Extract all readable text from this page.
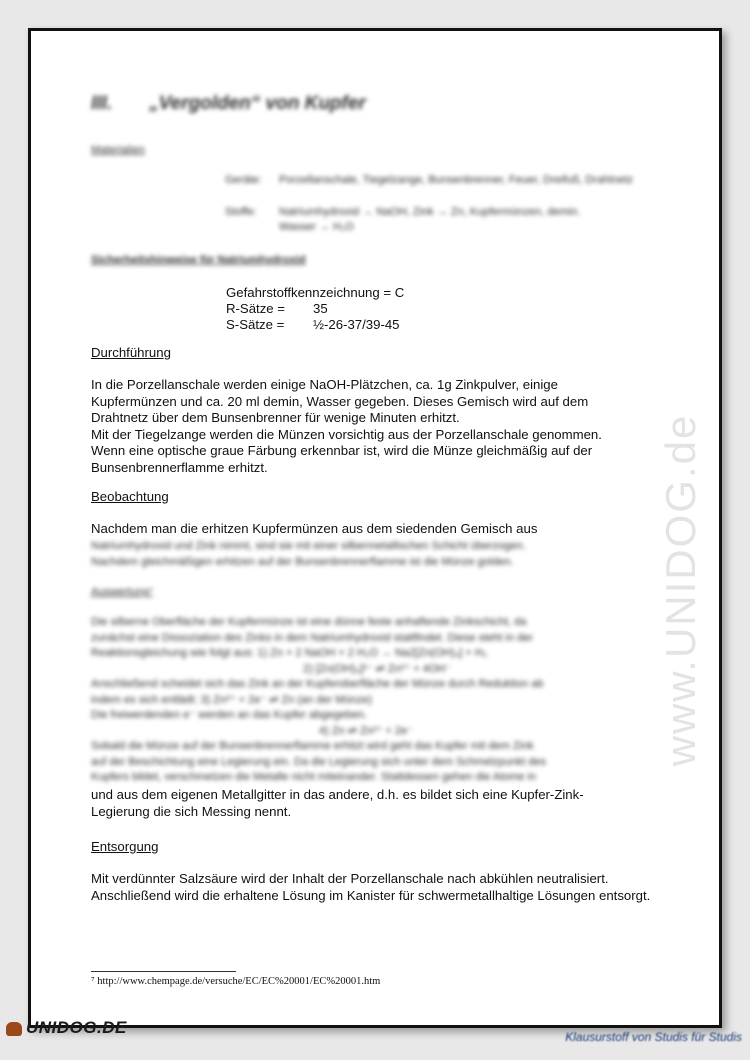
www.UNIDOG.de
III.       „Vergolden“ von Kupfer
Materialien
Geräte:	Porzellanschale, Tiegelzange, Bunsenbrenner, Feuer, Dreifuß, Drahtnetz
Stoffe:	Natriumhydroxid → NaOH, Zink → Zn, Kupfermünzen, demin. Wasser → H₂O
Sicherheitshinweise für Natriumhydroxid
Gefahrstoffkennzeichnung = C
R-Sätze =	35
S-Sätze =	½-26-37/39-45
Durchführung
In die Porzellanschale werden einige NaOH-Plätzchen, ca. 1g Zinkpulver, einige
Kupfermünzen und ca. 20 ml demin, Wasser gegeben. Dieses Gemisch wird auf dem
Drahtnetz über dem Bunsenbrenner für wenige Minuten erhitzt.
Mit der Tiegelzange werden die Münzen vorsichtig aus der Porzellanschale genommen.
Wenn eine optische graue Färbung erkennbar ist, wird die Münze gleichmäßig auf der
Bunsenbrennerflamme erhitzt.
Beobachtung
Nachdem man die erhitzen Kupfermünzen aus dem siedenden Gemisch aus
Natriumhydroxid und Zink nimmt, sind sie mit einer silbermetallischen Schicht überzogen.
Nachdem gleichmäßigen erhitzen auf der Bunsenbrennerflamme ist die Münze golden.
Auswertung⁷
Die silberne Oberfläche der Kupfermünze ist eine dünne feste anhaftende Zinkschicht, da
zunächst eine Dissoziation des Zinks in dem Natriumhydroxid stattfindet. Diese steht in der
Reaktionsgleichung wie folgt aus: 1) Zn + 2 NaOH + 2 H₂O → Na2[Zn(OH)₄] + H₂
2) [Zn(OH)₄]²⁻ ⇌ Zn²⁺ + 4OH⁻
Anschließend scheidet sich das Zink an der Kupferoberfläche der Münze durch Reduktion ab
indem es sich entlädt: 3) Zn²⁺ + 2e⁻ ⇌ Zn (an der Münze)
Die freiwerdenden e⁻ werden an das Kupfer abgegeben.
4) Zn ⇌ Zn²⁺ + 2e⁻
Sobald die Münze auf der Bunsenbrennerflamme erhitzt wird geht das Kupfer mit dem Zink
auf der Beschichtung eine Legierung ein. Da die Legierung sich unter dem Schmelzpunkt des
Kupfers bildet, verschmelzen die Metalle nicht miteinander. Stattdessen gehen die Atome in
und aus dem eigenen Metallgitter in das andere, d.h. es bildet sich eine Kupfer-Zink-
Legierung die sich Messing nennt.
Entsorgung
Mit verdünnter Salzsäure wird der Inhalt der Porzellanschale nach abkühlen neutralisiert.
Anschließend wird die erhaltene Lösung im Kanister für schwermetallhaltige Lösungen entsorgt.
⁷ http://www.chempage.de/versuche/EC/EC%20001/EC%20001.htm
UNIDOG.DE	Klausurstoff von Studis für Studis
